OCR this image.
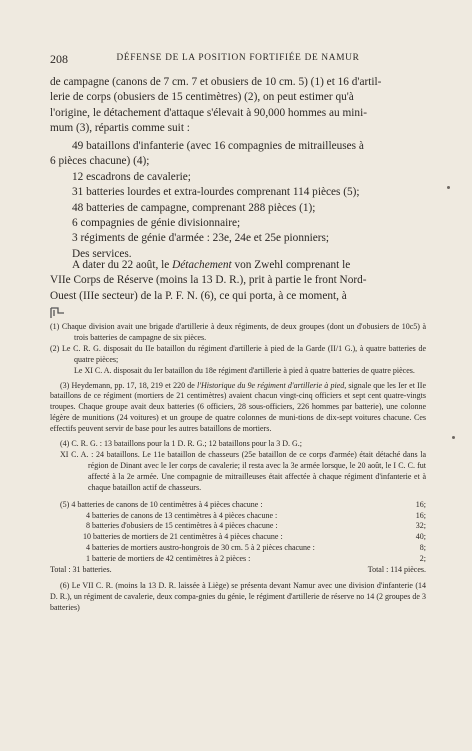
208	DÉFENSE DE LA POSITION FORTIFIÉE DE NAMUR
de campagne (canons de 7 cm. 7 et obusiers de 10 cm. 5) (1) et 16 d'artil-
lerie de corps (obusiers de 15 centimètres) (2), on peut estimer qu'à
l'origine, le détachement d'attaque s'élevait à 90,000 hommes au mini-
mum (3), répartis comme suit :
49 bataillons d'infanterie (avec 16 compagnies de mitrailleuses à
6 pièces chacune) (4);
12 escadrons de cavalerie;
31 batteries lourdes et extra-lourdes comprenant 114 pièces (5);
48 batteries de campagne, comprenant 288 pièces (1);
6 compagnies de génie divisionnaire;
3 régiments de génie d'armée : 23e, 24e et 25e pionniers;
Des services.
A dater du 22 août, le Détachement von Zwehl comprenant le
VIIe Corps de Réserve (moins la 13 D. R.), prit à partie le front Nord-
Ouest (IIIe secteur) de la P. F. N. (6), ce qui porta, à ce moment, à

(1) Chaque division avait une brigade d'artillerie à deux régiments, de deux groupes (dont un d'obusiers de 10c5) à trois batteries de campagne de six pièces.

(2) Le C. R. G. disposait du IIe bataillon du régiment d'artillerie à pied de la Garde (II/1 G.), à quatre batteries de quatre pièces;

Le XI C. A. disposait du Ier bataillon du 18e régiment d'artillerie à pied à quatre batteries de quatre pièces.

(3) Heydemann, pp. 17, 18, 219 et 220 de l'Historique du 9e régiment d'artillerie à pied, signale que les Ier et IIe bataillons de ce régiment (mortiers de 21 centimètres) avaient chacun vingt-cinq officiers et sept cent quatre-vingts troupes. Chaque groupe avait deux batteries (6 officiers, 28 sous-officiers, 226 hommes par batterie), une colonne légère de munitions (24 voitures) et un groupe de quatre colonnes de muni-tions de dix-sept voitures chacune. Ces effectifs peuvent servir de base pour les autres bataillons de mortiers.

(4) C. R. G. : 13 bataillons pour la 1 D. R. G.; 12 bataillons pour la 3 D. G.;

XI C. A. : 24 bataillons. Le 11e bataillon de chasseurs (25e bataillon de ce corps d'armée) était détaché dans la région de Dinant avec le Ier corps de cavalerie; il resta avec la 3e armée lorsque, le 20 août, le I C. C. fut affecté à la 2e armée. Une compagnie de mitrailleuses était affectée à chaque régiment d'infanterie et à chaque bataillon actif de chasseurs.

(5) 4 batteries de canons de 10 centimètres à 4 pièces chacune :	16;
4 batteries de canons de 13 centimètres à 4 pièces chacune :	16;
8 batteries d'obusiers de 15 centimètres à 4 pièces chacune :	32;
10 batteries de mortiers de 21 centimètres à 4 pièces chacune :	40;
4 batteries de mortiers austro-hongrois de 30 cm. 5 à 2 pièces chacune :	8;
1 batterie de mortiers de 42 centimètres à 2 pièces :	2;
Total : 31 batteries.	Total : 114 pièces.

(6) Le VII C. R. (moins la 13 D. R. laissée à Liège) se présenta devant Namur avec une division d'infanterie (14 D. R.), un régiment de cavalerie, deux compa-gnies du génie, le régiment d'artillerie de réserve no 14 (2 groupes de 3 batteries)
